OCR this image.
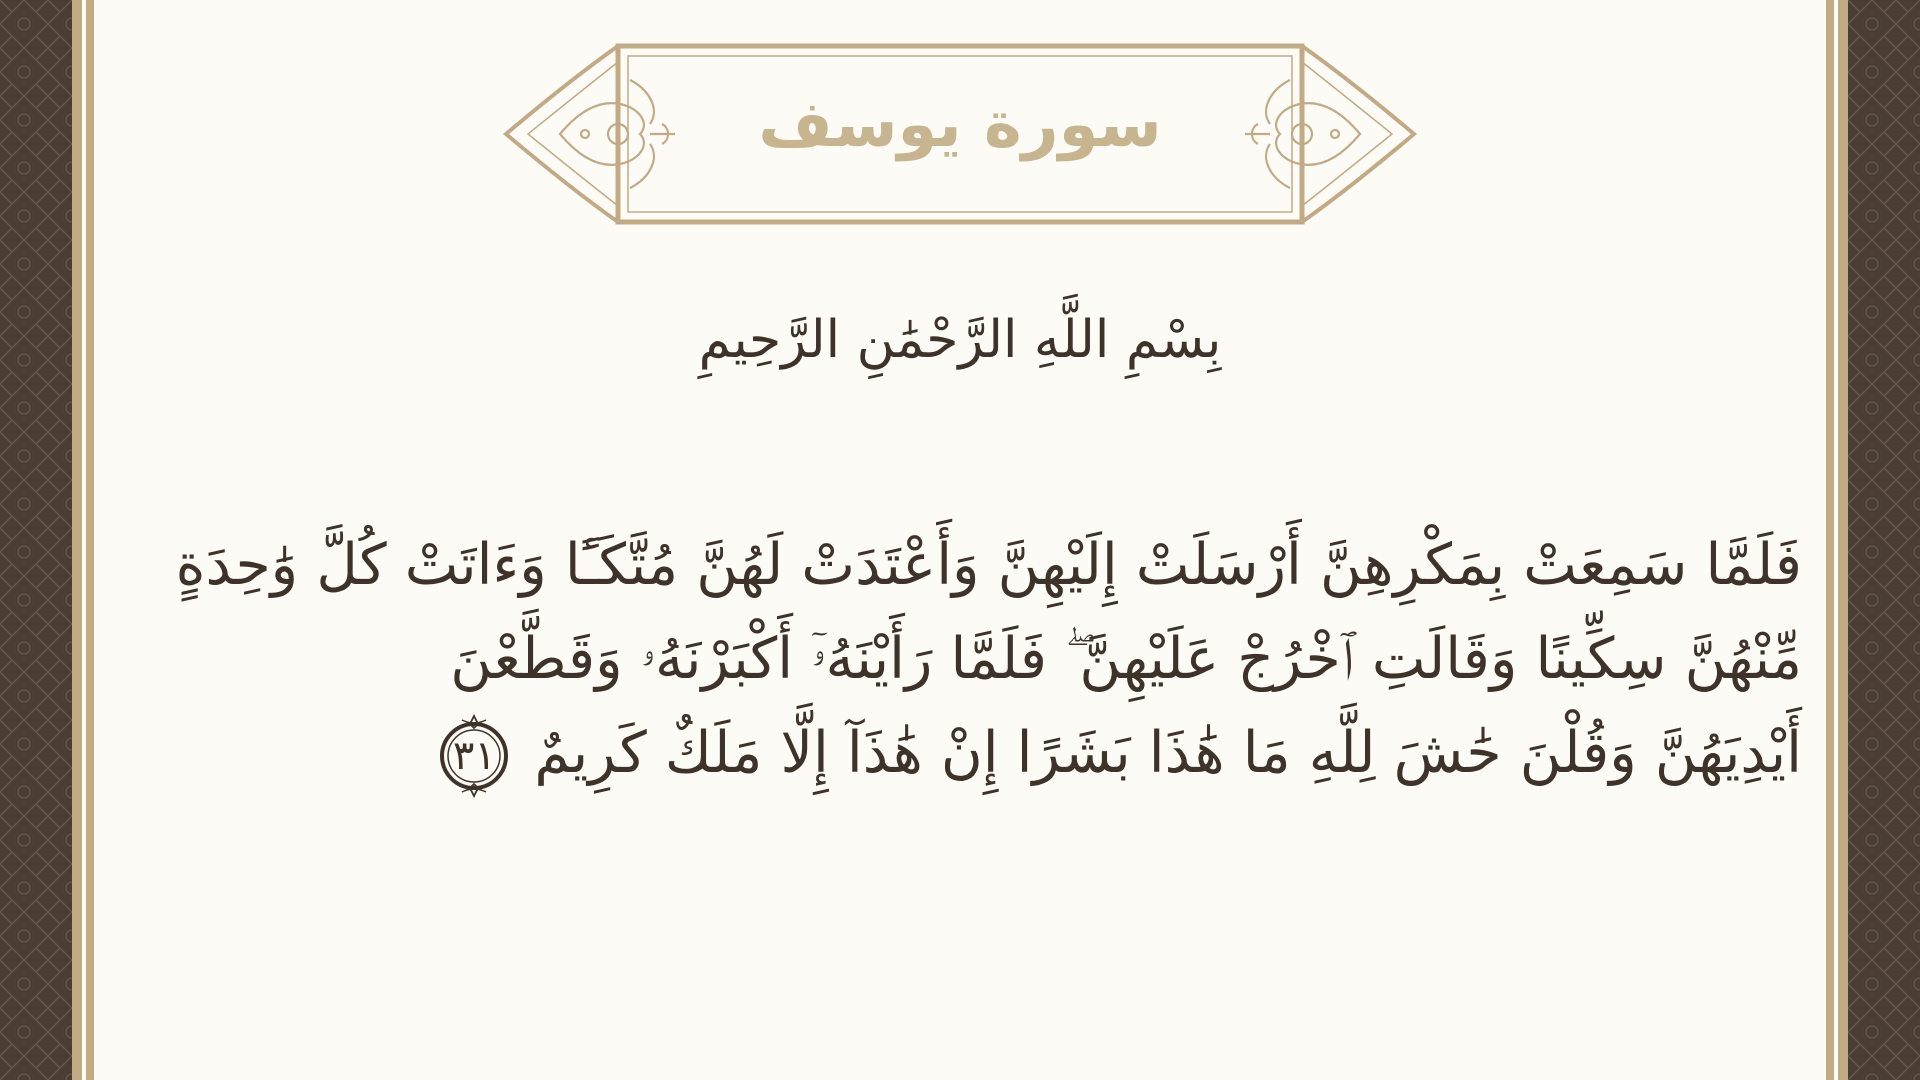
سورة يوسف
بِسْمِ اللَّهِ الرَّحْمَٰنِ الرَّحِيمِ
فَلَمَّا سَمِعَتْ بِمَكْرِهِنَّ أَرْسَلَتْ إِلَيْهِنَّ وَأَعْتَدَتْ لَهُنَّ مُتَّكَـًٔا وَءَاتَتْ كُلَّ وَٰحِدَةٍ
مِّنْهُنَّ سِكِّينًا وَقَالَتِ ٱخْرُجْ عَلَيْهِنَّ ۖ فَلَمَّا رَأَيْنَهُۥٓ أَكْبَرْنَهُۥ وَقَطَّعْنَ
أَيْدِيَهُنَّ وَقُلْنَ حَٰشَ لِلَّهِ مَا هَٰذَا بَشَرًا إِنْ هَٰذَآ إِلَّا مَلَكٌ كَرِيمٌ
٣١
